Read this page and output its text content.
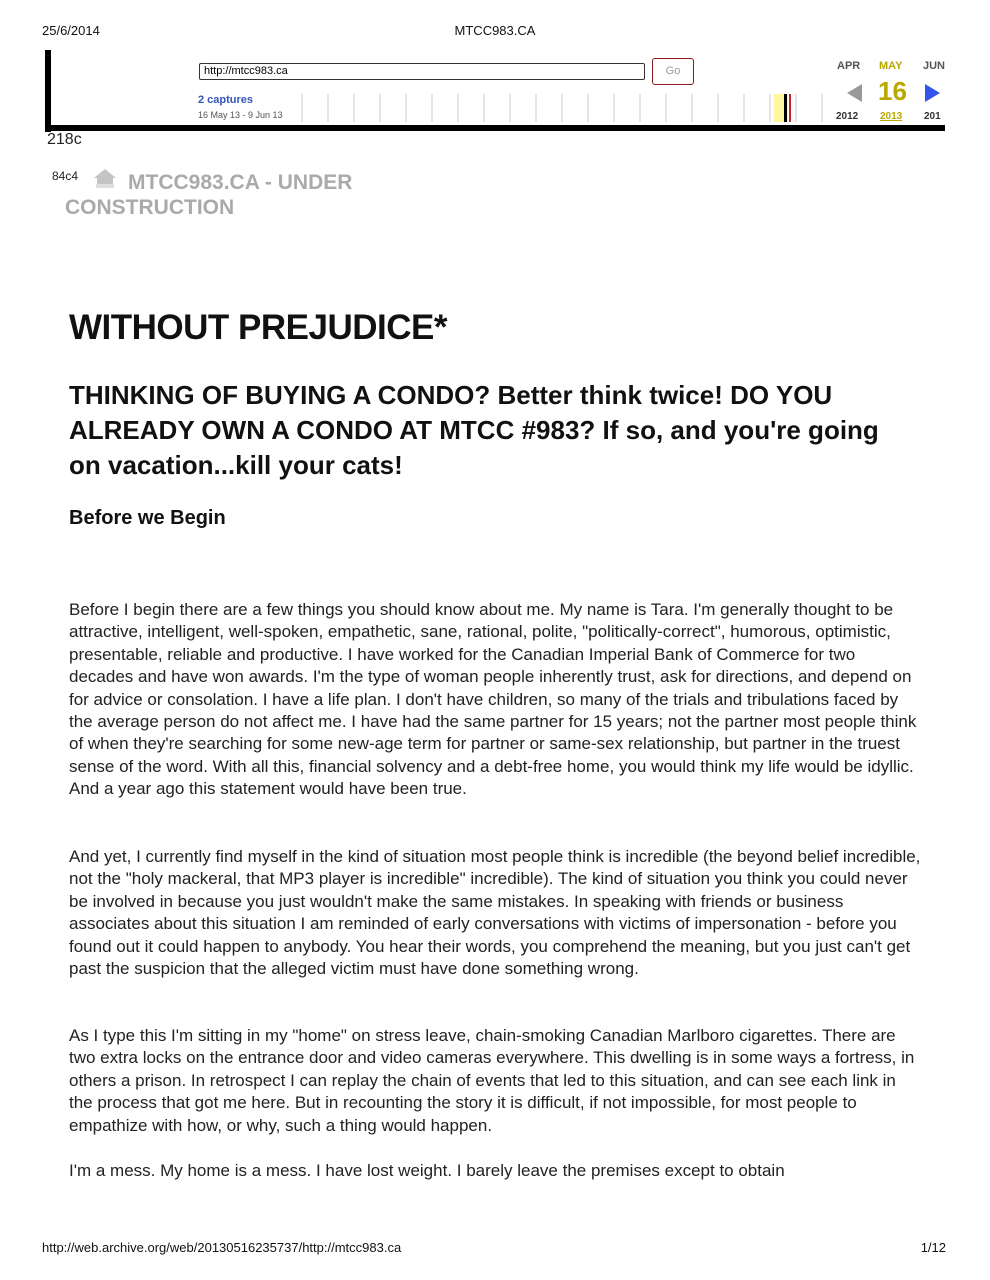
25/6/2014	MTCC983.CA
http://mtcc983.ca	Go
2 captures
16 May 13 - 9 Jun 13
APR MAY JUN
16
2012 2013 201
218c
84c4 MTCC983.CA - UNDER
CONSTRUCTION
WITHOUT PREJUDICE*
THINKING OF BUYING A CONDO? Better think twice! DO YOU ALREADY OWN A CONDO AT MTCC #983? If so, and you're going on vacation...kill your cats!
Before we Begin
Before I begin there are a few things you should know about me. My name is Tara. I'm generally thought to be attractive, intelligent, well-spoken, empathetic, sane, rational, polite, "politically-correct", humorous, optimistic, presentable, reliable and productive. I have worked for the Canadian Imperial Bank of Commerce for two decades and have won awards. I'm the type of woman people inherently trust, ask for directions, and depend on for advice or consolation. I have a life plan. I don't have children, so many of the trials and tribulations faced by the average person do not affect me. I have had the same partner for 15 years; not the partner most people think of when they're searching for some new-age term for partner or same-sex relationship, but partner in the truest sense of the word. With all this, financial solvency and a debt-free home, you would think my life would be idyllic. And a year ago this statement would have been true.
And yet, I currently find myself in the kind of situation most people think is incredible (the beyond belief incredible, not the "holy mackeral, that MP3 player is incredible" incredible). The kind of situation you think you could never be involved in because you just wouldn't make the same mistakes. In speaking with friends or business associates about this situation I am reminded of early conversations with victims of impersonation - before you found out it could happen to anybody. You hear their words, you comprehend the meaning, but you just can't get past the suspicion that the alleged victim must have done something wrong.
As I type this I'm sitting in my "home" on stress leave, chain-smoking Canadian Marlboro cigarettes. There are two extra locks on the entrance door and video cameras everywhere. This dwelling is in some ways a fortress, in others a prison. In retrospect I can replay the chain of events that led to this situation, and can see each link in the process that got me here. But in recounting the story it is difficult, if not impossible, for most people to empathize with how, or why, such a thing would happen.
I'm a mess. My home is a mess. I have lost weight. I barely leave the premises except to obtain
http://web.archive.org/web/20130516235737/http://mtcc983.ca	1/12
